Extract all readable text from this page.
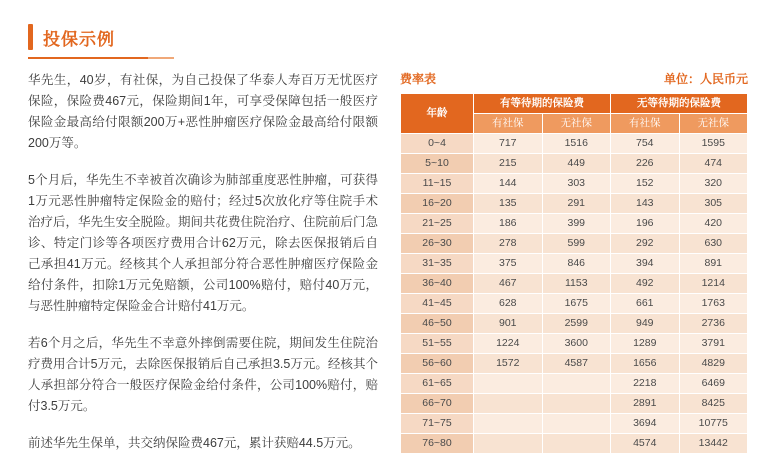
投保示例

华先生，40岁，有社保，为自己投保了华泰人寿百万无忧医疗保险，保险费467元，保险期间1年，可享受保障包括一般医疗保险金最高给付限额200万+恶性肿瘤医疗保险金最高给付限额200万等。

5个月后，华先生不幸被首次确诊为肺部重度恶性肿瘤，可获得1万元恶性肿瘤特定保险金的赔付；经过5次放化疗等住院手术治疗后，华先生安全脱险。期间共花费住院治疗、住院前后门急诊、特定门诊等各项医疗费用合计62万元，除去医保报销后自己承担41万元。经核其个人承担部分符合恶性肿瘤医疗保险金给付条件，扣除1万元免赔额，公司100%赔付，赔付40万元，与恶性肿瘤特定保险金合计赔付41万元。

若6个月之后，华先生不幸意外摔倒需要住院，期间发生住院治疗费用合计5万元，去除医保报销后自己承担3.5万元。经核其个人承担部分符合一般医疗保险金给付条件，公司100%赔付，赔付3.5万元。

前述华先生保单，共交纳保险费467元，累计获赔44.5万元。

费率表	单位：人民币元
年龄	有等待期的保险费		无等待期的保险费	
	有社保	无社保	有社保	无社保
0~4	717	1516	754	1595
5~10	215	449	226	474
11~15	144	303	152	320
16~20	135	291	143	305
21~25	186	399	196	420
26~30	278	599	292	630
31~35	375	846	394	891
36~40	467	1153	492	1214
41~45	628	1675	661	1763
46~50	901	2599	949	2736
51~55	1224	3600	1289	3791
56~60	1572	4587	1656	4829
61~65			2218	6469
66~70			2891	8425
71~75			3694	10775
76~80			4574	13442
